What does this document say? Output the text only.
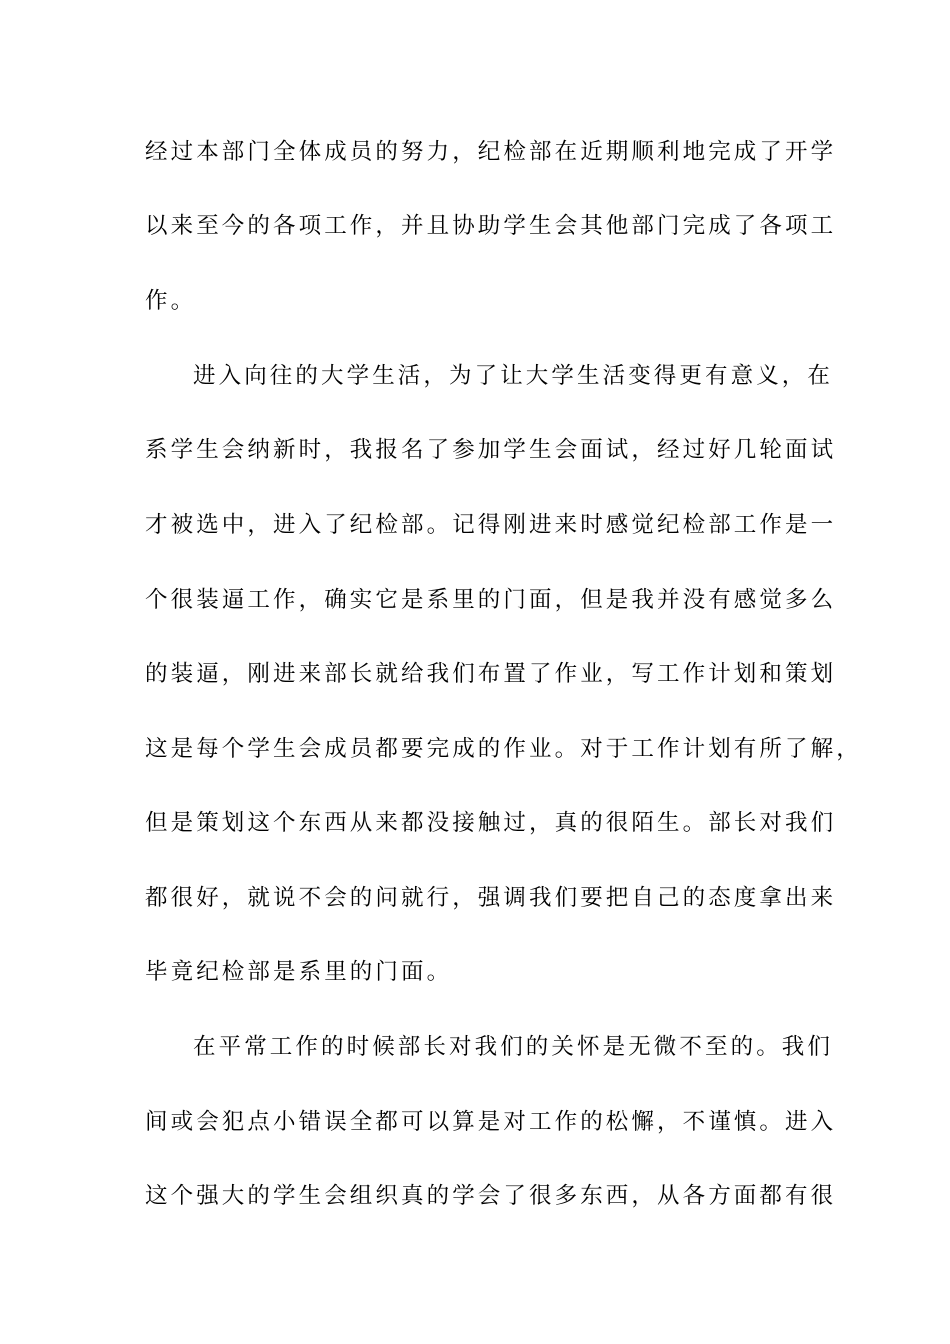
经过本部门全体成员的努力，纪检部在近期顺利地完成了开学
以来至今的各项工作，并且协助学生会其他部门完成了各项工
作。
进入向往的大学生活，为了让大学生活变得更有意义，在
系学生会纳新时，我报名了参加学生会面试，经过好几轮面试
才被选中，进入了纪检部。记得刚进来时感觉纪检部工作是一
个很装逼工作，确实它是系里的门面，但是我并没有感觉多么
的装逼，刚进来部长就给我们布置了作业，写工作计划和策划
这是每个学生会成员都要完成的作业。对于工作计划有所了解，
但是策划这个东西从来都没接触过，真的很陌生。部长对我们
都很好，就说不会的问就行，强调我们要把自己的态度拿出来
毕竟纪检部是系里的门面。
在平常工作的时候部长对我们的关怀是无微不至的。我们
间或会犯点小错误全都可以算是对工作的松懈，不谨慎。进入
这个强大的学生会组织真的学会了很多东西，从各方面都有很
